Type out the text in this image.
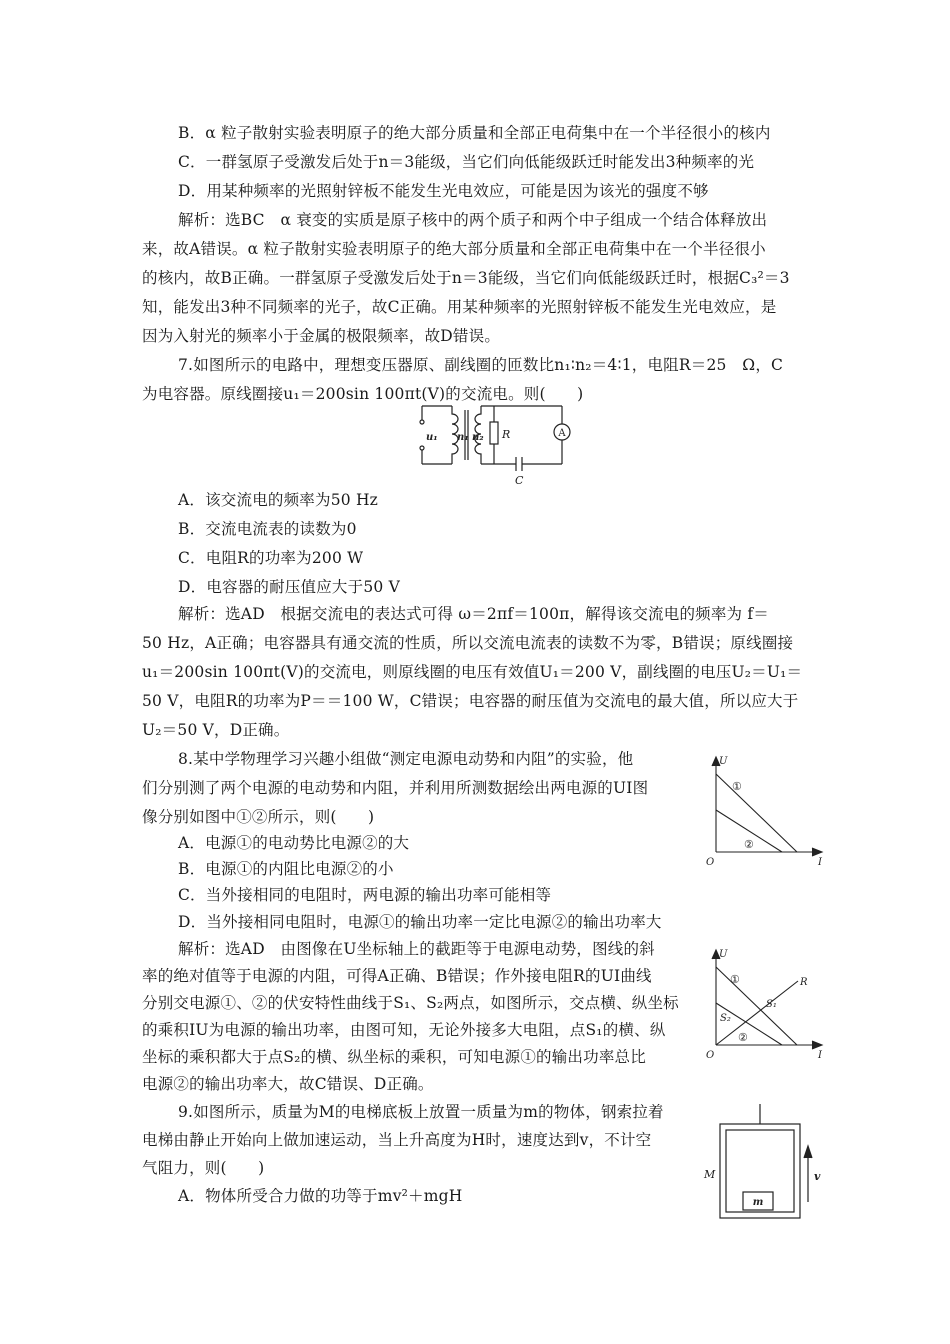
B．α 粒子散射实验表明原子的绝大部分质量和全部正电荷集中在一个半径很小的核内
C．一群氢原子受激发后处于n＝3能级，当它们向低能级跃迁时能发出3种频率的光
D．用某种频率的光照射锌板不能发生光电效应，可能是因为该光的强度不够
解析：选BC　α 衰变的实质是原子核中的两个质子和两个中子组成一个结合体释放出
来，故A错误。α 粒子散射实验表明原子的绝大部分质量和全部正电荷集中在一个半径很小
的核内，故B正确。一群氢原子受激发后处于n＝3能级，当它们向低能级跃迁时，根据C₃²＝3
知，能发出3种不同频率的光子，故C正确。用某种频率的光照射锌板不能发生光电效应，是
因为入射光的频率小于金属的极限频率，故D错误。
7.如图所示的电路中，理想变压器原、副线圈的匝数比n₁∶n₂＝4∶1，电阻R＝25　Ω，C
为电容器。原线圈接u₁＝200sin 100πt(V)的交流电。则(　　)
A
u₁ n₁ n₂ R
C
A．该交流电的频率为50 Hz
B．交流电流表的读数为0
C．电阻R的功率为200 W
D．电容器的耐压值应大于50 V
解析：选AD　根据交流电的表达式可得 ω＝2πf＝100π，解得该交流电的频率为 f＝
50 Hz，A正确；电容器具有通交流的性质，所以交流电流表的读数不为零，B错误；原线圈接
u₁＝200sin 100πt(V)的交流电，则原线圈的电压有效值U₁＝200 V，副线圈的电压U₂＝U₁＝
50 V，电阻R的功率为P＝＝100 W，C错误；电容器的耐压值为交流电的最大值，所以应大于
U₂＝50 V，D正确。
8.某中学物理学习兴趣小组做“测定电源电动势和内阻”的实验，他
们分别测了两个电源的电动势和内阻，并利用所测数据绘出两电源的UI图
像分别如图中①②所示，则(　　)
A．电源①的电动势比电源②的大
B．电源①的内阻比电源②的小
C．当外接相同的电阻时，两电源的输出功率可能相等
D．当外接相同电阻时，电源①的输出功率一定比电源②的输出功率大
U
I
O
①
②
解析：选AD　由图像在U坐标轴上的截距等于电源电动势，图线的斜
率的绝对值等于电源的内阻，可得A正确、B错误；作外接电阻R的UI曲线
分别交电源①、②的伏安特性曲线于S₁、S₂两点，如图所示，交点横、纵坐标
的乘积IU为电源的输出功率，由图可知，无论外接多大电阻，点S₁的横、纵
坐标的乘积都大于点S₂的横、纵坐标的乘积，可知电源①的输出功率总比
电源②的输出功率大，故C错误、D正确。
U
I
O
①
②
R
S₁
S₂
9.如图所示，质量为M的电梯底板上放置一质量为m的物体，钢索拉着
电梯由静止开始向上做加速运动，当上升高度为H时，速度达到v，不计空
气阻力，则(　　)
A．物体所受合力做的功等于mv²＋mgH
M
m
v
